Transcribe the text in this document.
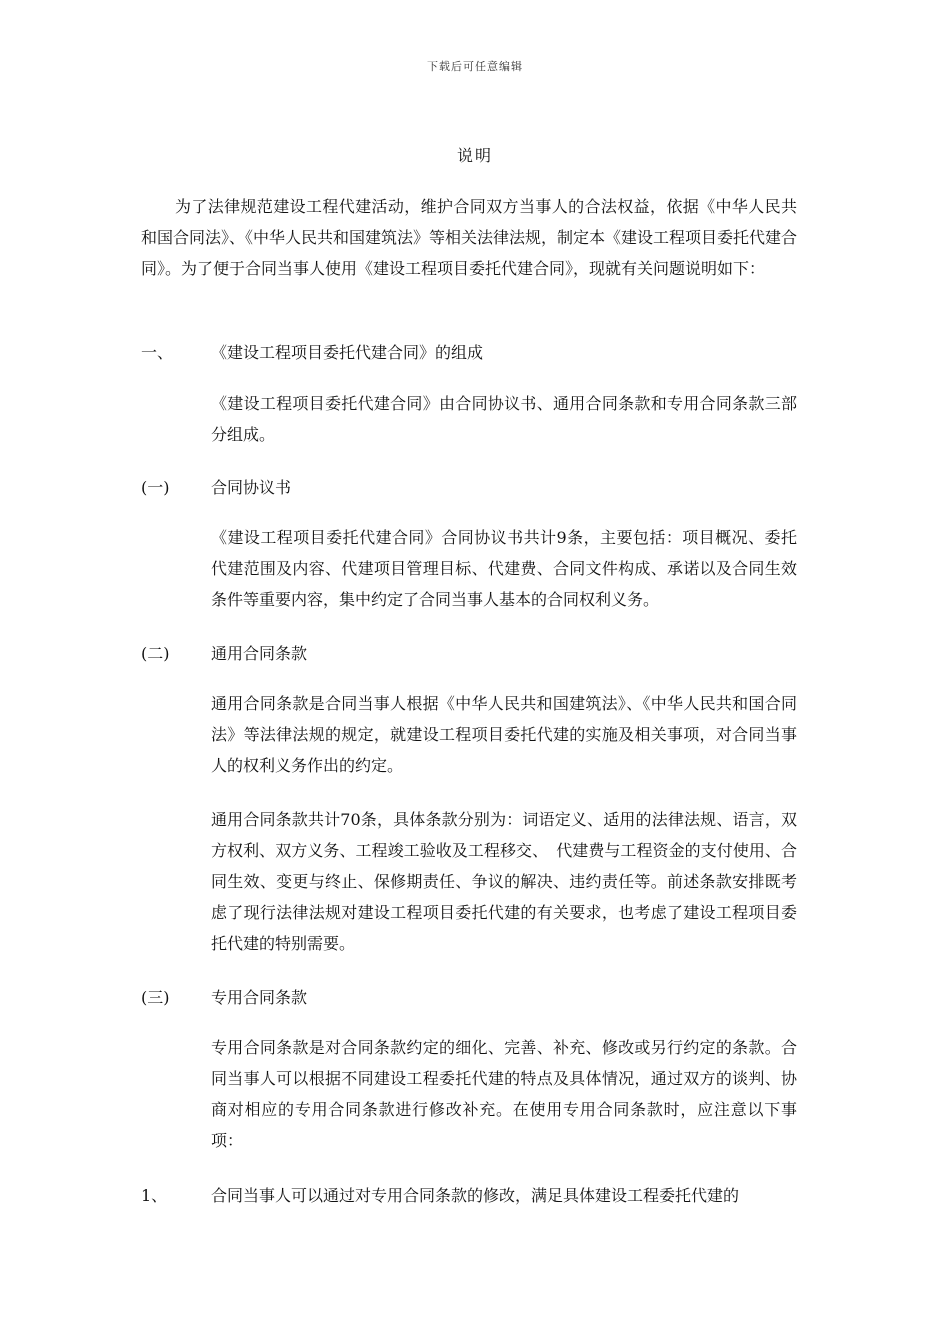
下载后可任意编辑
说明

为了法律规范建设工程代建活动，维护合同双方当事人的合法权益，依据《中华人民共和国合同法》、《中华人民共和国建筑法》等相关法律法规，制定本《建设工程项目委托代建合同》。为了便于合同当事人使用《建设工程项目委托代建合同》，现就有关问题说明如下：

一、 《建设工程项目委托代建合同》的组成

《建设工程项目委托代建合同》由合同协议书、通用合同条款和专用合同条款三部分组成。

(一)	合同协议书

《建设工程项目委托代建合同》合同协议书共计9条，主要包括：项目概况、委托代建范围及内容、代建项目管理目标、代建费、合同文件构成、承诺以及合同生效条件等重要内容，集中约定了合同当事人基本的合同权利义务。

(二)	通用合同条款

通用合同条款是合同当事人根据《中华人民共和国建筑法》、《中华人民共和国合同法》等法律法规的规定，就建设工程项目委托代建的实施及相关事项，对合同当事人的权利义务作出的约定。

通用合同条款共计70条，具体条款分别为：词语定义、适用的法律法规、语言，双方权利、双方义务、工程竣工验收及工程移交、　代建费与工程资金的支付使用、合同生效、变更与终止、保修期责任、争议的解决、违约责任等。前述条款安排既考虑了现行法律法规对建设工程项目委托代建的有关要求，也考虑了建设工程项目委托代建的特别需要。

(三)	专用合同条款

专用合同条款是对合同条款约定的细化、完善、补充、修改或另行约定的条款。合同当事人可以根据不同建设工程委托代建的特点及具体情况，通过双方的谈判、协商对相应的专用合同条款进行修改补充。在使用专用合同条款时，应注意以下事项：

1、	合同当事人可以通过对专用合同条款的修改，满足具体建设工程委托代建的
